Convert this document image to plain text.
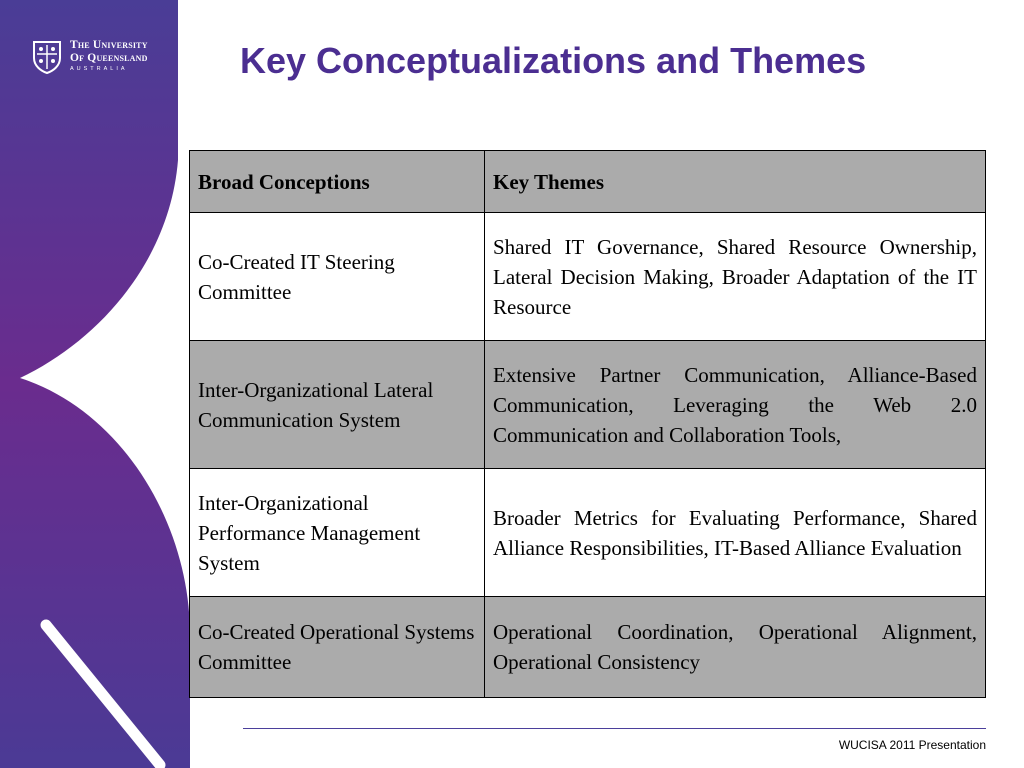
The University
Of Queensland
AUSTRALIA	Key Conceptualizations and Themes
Broad Conceptions	Key Themes
Co-Created IT Steering Committee	Shared IT Governance, Shared Resource Ownership, Lateral Decision Making, Broader Adaptation of the IT Resource
Inter-Organizational Lateral Communication System	Extensive Partner Communication, Alliance-Based Communication, Leveraging the Web 2.0 Communication and Collaboration Tools,
Inter-Organizational Performance Management System	Broader Metrics for Evaluating Performance, Shared Alliance Responsibilities, IT-Based Alliance Evaluation
Co-Created Operational Systems Committee	Operational Coordination, Operational Alignment, Operational Consistency
WUCISA 2011 Presentation
